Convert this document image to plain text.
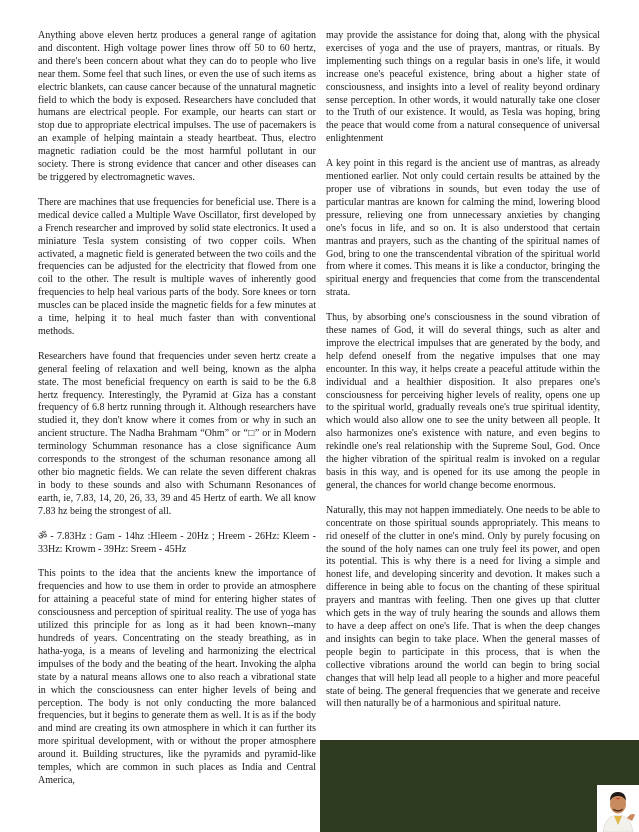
Anything above eleven hertz produces a general range of agitation and discontent. High voltage power lines throw off 50 to 60 hertz, and there's been concern about what they can do to people who live near them. Some feel that such lines, or even the use of such items as electric blankets, can cause cancer because of the unnatural magnetic field to which the body is exposed. Researchers have concluded that humans are electrical people. For example, our hearts can start or stop due to appropriate electrical impulses. The use of pacemakers is an example of helping maintain a steady heartbeat. Thus, electro magnetic radiation could be the most harmful pollutant in our society. There is strong evidence that cancer and other diseases can be triggered by electromagnetic waves.

There are machines that use frequencies for beneficial use. There is a medical device called a Multiple Wave Oscillator, first developed by a French researcher and improved by solid state electronics. It used a miniature Tesla system consisting of two copper coils. When activated, a magnetic field is generated between the two coils and the frequencies can be adjusted for the electricity that flowed from one coil to the other. The result is multiple waves of inherently good frequencies to help heal various parts of the body. Sore knees or torn muscles can be placed inside the magnetic fields for a few minutes at a time, helping it to heal much faster than with conventional methods.

Researchers have found that frequencies under seven hertz create a general feeling of relaxation and well being, known as the alpha state. The most beneficial frequency on earth is said to be the 6.8 hertz frequency. Interestingly, the Pyramid at Giza has a constant frequency of 6.8 hertz running through it. Although researchers have studied it, they don't know where it comes from or why in such an ancient structure. The Nadha Brahmam “Ohm” or “□” or in Modern terminology Schumman resonance has a close significance Aum corresponds to the strongest of the schuman resonance among all other bio magnetic fields. We can relate the seven different chakras in body to these sounds and also with Schumann Resonances of earth, ie, 7.83, 14, 20, 26, 33, 39 and 45 Hertz of earth. We all know 7.83 hz being the strongest of all.

ॐ - 7.83Hz : Gam - 14hz :Hleem - 20Hz ; Hreem - 26Hz: Kleem - 33Hz: Krowm - 39Hz: Sreem - 45Hz

This points to the idea that the ancients knew the importance of frequencies and how to use them in order to provide an atmosphere for attaining a peaceful state of mind for entering higher states of consciousness and perception of spiritual reality. The use of yoga has utilized this principle for as long as it had been known--many hundreds of years. Concentrating on the steady breathing, as in hatha-yoga, is a means of leveling and harmonizing the electrical impulses of the body and the beating of the heart. Invoking the alpha state by a natural means allows one to also reach a vibrational state in which the consciousness can enter higher levels of being and perception. The body is not only conducting the more balanced frequencies, but it begins to generate them as well. It is as if the body and mind are creating its own atmosphere in which it can further its more spiritual development, with or without the proper atmosphere around it. Building structures, like the pyramids and pyramid-like temples, which are common in such places as India and Central America,

may provide the assistance for doing that, along with the physical exercises of yoga and the use of prayers, mantras, or rituals. By implementing such things on a regular basis in one's life, it would increase one's peaceful existence, bring about a higher state of consciousness, and insights into a level of reality beyond ordinary sense perception. In other words, it would naturally take one closer to the Truth of our existence. It would, as Tesla was hoping, bring the peace that would come from a natural consequence of universal enlightenment

A key point in this regard is the ancient use of mantras, as already mentioned earlier. Not only could certain results be attained by the proper use of vibrations in sounds, but even today the use of particular mantras are known for calming the mind, lowering blood pressure, relieving one from unnecessary anxieties by changing one's focus in life, and so on. It is also understood that certain mantras and prayers, such as the chanting of the spiritual names of God, bring to one the transcendental vibration of the spiritual world from where it comes. This means it is like a conductor, bringing the spiritual energy and frequencies that come from the transcendental strata.

Thus, by absorbing one's consciousness in the sound vibration of these names of God, it will do several things, such as alter and improve the electrical impulses that are generated by the body, and help defend oneself from the negative impulses that one may encounter. In this way, it helps create a peaceful attitude within the individual and a healthier disposition. It also prepares one's consciousness for perceiving higher levels of reality, opens one up to the spiritual world, gradually reveals one's true spiritual identity, which would also allow one to see the unity between all people. It also harmonizes one's existence with nature, and even begins to rekindle one's real relationship with the Supreme Soul, God. Once the higher vibration of the spiritual realm is invoked on a regular basis in this way, and is opened for its use among the people in general, the chances for world change become enormous.

Naturally, this may not happen immediately. One needs to be able to concentrate on those spiritual sounds appropriately. This means to rid oneself of the clutter in one's mind. Only by purely focusing on the sound of the holy names can one truly feel its power, and open its potential. This is why there is a need for living a simple and honest life, and developing sincerity and devotion. It makes such a difference in being able to focus on the chanting of these spiritual prayers and mantras with feeling. Then one gives up that clutter which gets in the way of truly hearing the sounds and allows them to have a deep affect on one's life. That is when the deep changes and insights can begin to take place. When the general masses of people begin to participate in this process, that is when the collective vibrations around the world can begin to bring social changes that will help lead all people to a higher and more peaceful state of being. The general frequencies that we generate and receive will then naturally be of a harmonious and spiritual nature.
